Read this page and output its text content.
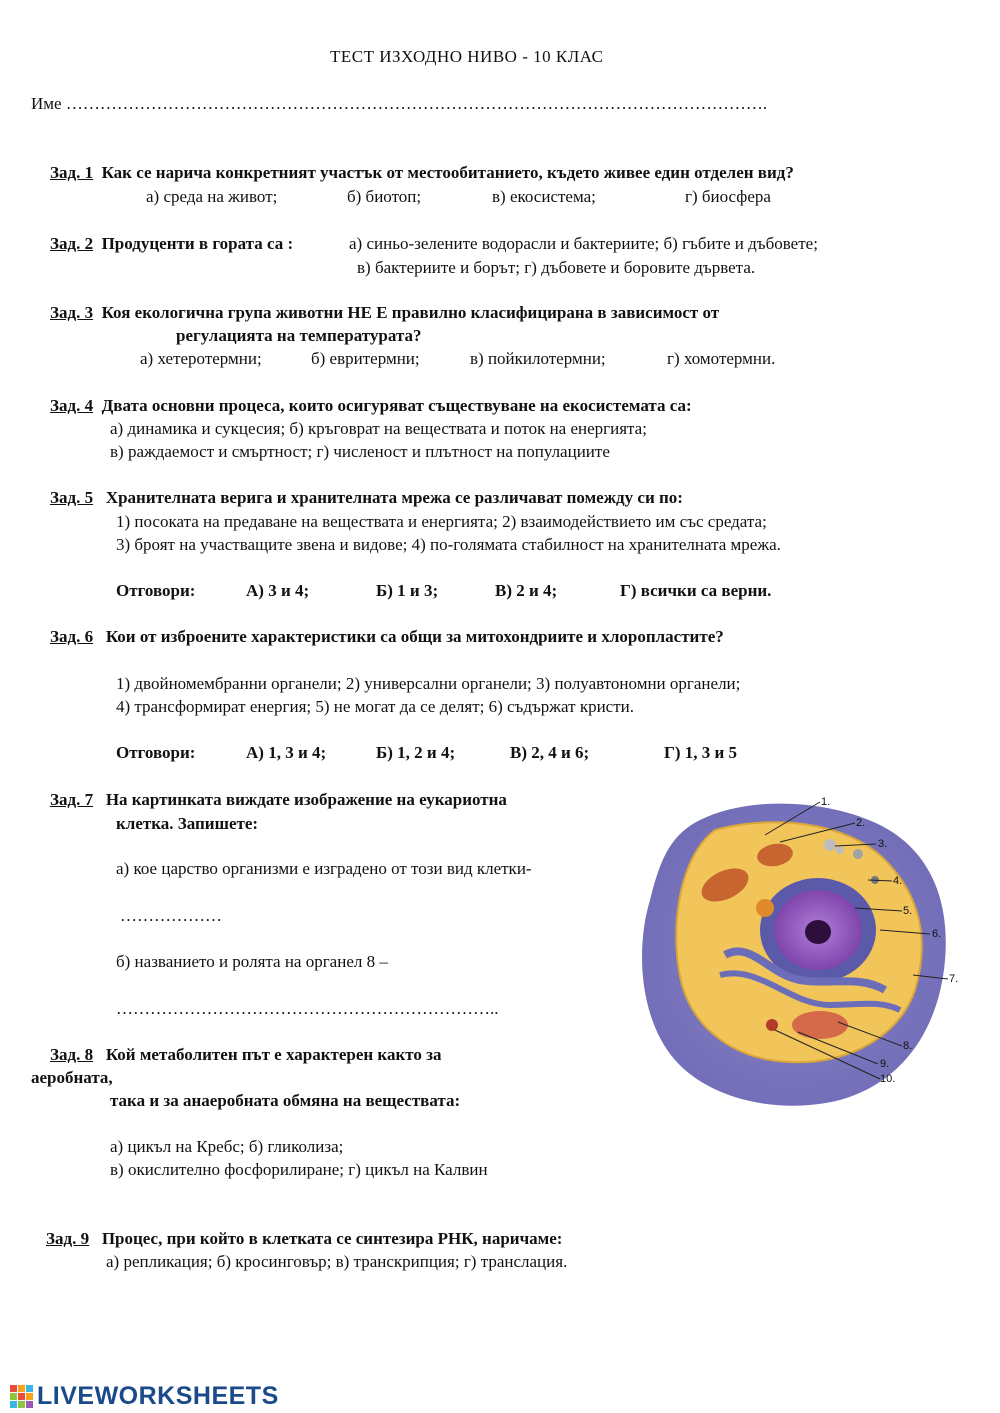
ТЕСТ ИЗХОДНО НИВО - 10 КЛАС
Име …………………………………………………………………………………………………………….
Зад. 1 Как се нарича конкретният участък от местообитанието, където живее един отделен вид?
а) среда на живот;	б) биотоп;	в) екосистема;	г) биосфера
Зад. 2 Продуценти в гората са :	а) синьо-зелените водорасли и бактериите; б) гъбите и дъбовете;
в) бактериите и борът; г) дъбовете и боровите дървета.
Зад. 3 Коя екологична група животни НЕ Е правилно класифицирана в зависимост от
регулацията на температурата?
а) хетеротермни;	б) евритермни;	в) пойкилотермни;	г) хомотермни.
Зад. 4 Двата основни процеса, които осигуряват съществуване на екосистемата са:
а) динамика и сукцесия; б) кръговрат на веществата и поток на енергията;
в) раждаемост и смъртност; г) численост и плътност на популациите
Зад. 5 Хранителната верига и хранителната мрежа се различават помежду си по:
1) посоката на предаване на веществата и енергията; 2) взаимодействието им със средата;
3) броят на участващите звена и видове; 4) по-голямата стабилност на хранителната мрежа.
Отговори:	А) 3 и 4;	Б) 1 и 3;	В) 2 и 4;	Г) всички са верни.
Зад. 6 Кои от изброените характеристики са общи за митохондриите и хлоропластите?
1) двойномембранни органели; 2) универсални органели; 3) полуавтономни органели;
4) трансформират енергия; 5) не могат да се делят; 6) съдържат кристи.
Отговори:	А) 1, 3 и 4;	Б) 1, 2 и 4;	В) 2, 4 и 6;	Г) 1, 3 и 5
Зад. 7 На картинката виждате изображение на еукариотна
клетка. Запишете:
а) кое царство организми е изградено от този вид клетки-
………………
б) названието и ролята на органел 8 –
…………………………………………………………..
Зад. 8 Кой метаболитен път е характерен както за
аеробната,
така и за анаеробната обмяна на веществата:
а) цикъл на Кребс; б) гликолиза;
в) окислително фосфорилиране; г) цикъл на Калвин
Зад. 9 Процес, при който в клетката се синтезира РНК, наричаме:
а) репликация; б) кросинговър; в) транскрипция; г) транслация.
1.
2.
3.
4.
5.
6.
7.
8.
9.
10.
LIVEWORKSHEETS
